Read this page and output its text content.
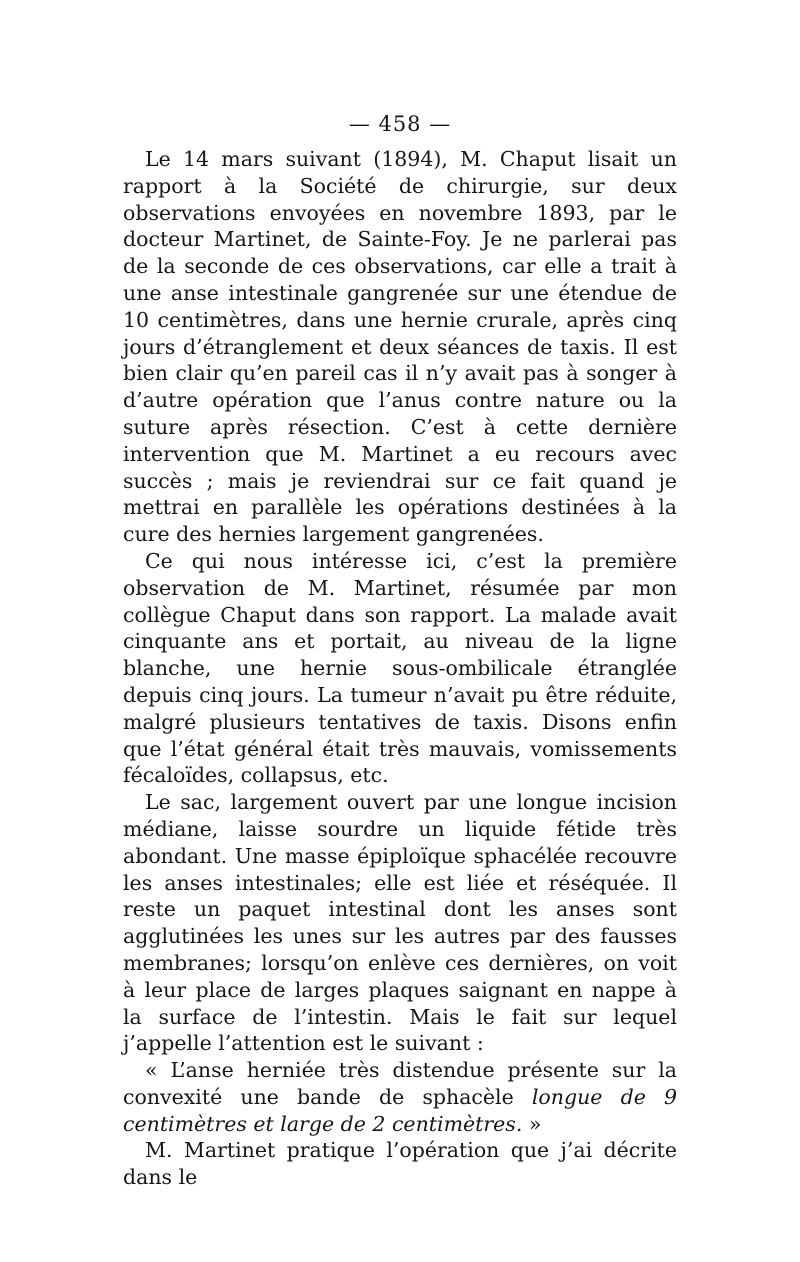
— 458 —

Le 14 mars suivant (1894), M. Chaput lisait un rapport à la Société de chirurgie, sur deux observations envoyées en novembre 1893, par le docteur Martinet, de Sainte-Foy. Je ne parlerai pas de la seconde de ces observations, car elle a trait à une anse intestinale gangrenée sur une étendue de 10 centimètres, dans une hernie crurale, après cinq jours d’étranglement et deux séances de taxis. Il est bien clair qu’en pareil cas il n’y avait pas à songer à d’autre opération que l’anus contre nature ou la suture après résection. C’est à cette dernière intervention que M. Martinet a eu recours avec succès ; mais je reviendrai sur ce fait quand je mettrai en parallèle les opérations destinées à la cure des hernies largement gangrenées.

Ce qui nous intéresse ici, c’est la première observation de M. Martinet, résumée par mon collègue Chaput dans son rapport. La malade avait cinquante ans et portait, au niveau de la ligne blanche, une hernie sous-ombilicale étranglée depuis cinq jours. La tumeur n’avait pu être réduite, malgré plusieurs tentatives de taxis. Disons enfin que l’état général était très mauvais, vomissements fécaloïdes, collapsus, etc.

Le sac, largement ouvert par une longue incision médiane, laisse sourdre un liquide fétide très abondant. Une masse épiploïque sphacélée recouvre les anses intestinales; elle est liée et réséquée. Il reste un paquet intestinal dont les anses sont agglutinées les unes sur les autres par des fausses membranes; lorsqu’on enlève ces dernières, on voit à leur place de larges plaques saignant en nappe à la surface de l’intestin. Mais le fait sur lequel j’appelle l’attention est le suivant :

« L’anse herniée très distendue présente sur la convexité une bande de sphacèle longue de 9 centimètres et large de 2 centimètres. »

M. Martinet pratique l’opération que j’ai décrite dans le
